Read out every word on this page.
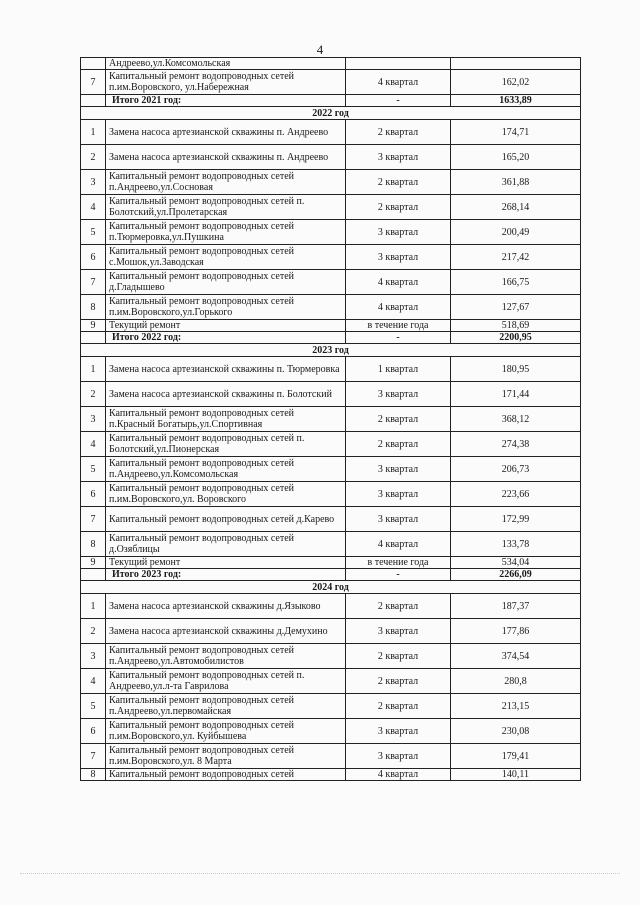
4
	Андреево,ул.Комсомольская		
7	Капитальный ремонт водопроводных сетей п.им.Воровского, ул.Набережная	4 квартал	162,02
	Итого 2021 год:	-	1633,89
2022 год			
1	Замена насоса артезианской скважины п. Андреево	2 квартал	174,71
2	Замена насоса артезианской скважины п. Андреево	3 квартал	165,20
3	Капитальный ремонт водопроводных сетей п.Андреево,ул.Сосновая	2 квартал	361,88
4	Капитальный ремонт водопроводных сетей п. Болотский,ул.Пролетарская	2 квартал	268,14
5	Капитальный ремонт водопроводных сетей п.Тюрмеровка,ул.Пушкина	3 квартал	200,49
6	Капитальный ремонт водопроводных сетей с.Мошок,ул.Заводская	3 квартал	217,42
7	Капитальный ремонт водопроводных сетей д.Гладышево	4 квартал	166,75
8	Капитальный ремонт водопроводных сетей п.им.Воровского,ул.Горького	4 квартал	127,67
9	Текущий ремонт	в течение года	518,69
	Итого 2022 год:	-	2200,95
2023 год			
1	Замена насоса артезианской скважины п. Тюрмеровка	1 квартал	180,95
2	Замена насоса артезианской скважины п. Болотский	3 квартал	171,44
3	Капитальный ремонт водопроводных сетей п.Красный Богатырь,ул.Спортивная	2 квартал	368,12
4	Капитальный ремонт водопроводных сетей п. Болотский,ул.Пионерская	2 квартал	274,38
5	Капитальный ремонт водопроводных сетей п.Андреево,ул.Комсомольская	3 квартал	206,73
6	Капитальный ремонт водопроводных сетей п.им.Воровского,ул. Воровского	3 квартал	223,66
7	Капитальный ремонт водопроводных сетей д.Карево	3 квартал	172,99
8	Капитальный ремонт водопроводных сетей д.Озяблицы	4 квартал	133,78
9	Текущий ремонт	в течение года	534,04
	Итого 2023 год:	-	2266,09
2024 год			
1	Замена насоса артезианской скважины д.Языково	2 квартал	187,37
2	Замена насоса артезианской скважины д.Демухино	3 квартал	177,86
3	Капитальный ремонт водопроводных сетей п.Андреево,ул.Автомобилистов	2 квартал	374,54
4	Капитальный ремонт водопроводных сетей п. Андреево,ул.л-та Гаврилова	2 квартал	280,8
5	Капитальный ремонт водопроводных сетей п.Андреево,ул.первомайская	2 квартал	213,15
6	Капитальный ремонт водопроводных сетей п.им.Воровского,ул. Куйбышева	3 квартал	230,08
7	Капитальный ремонт водопроводных сетей п.им.Воровского,ул. 8 Марта	3 квартал	179,41
8	Капитальный ремонт водопроводных сетей	4 квартал	140,11
